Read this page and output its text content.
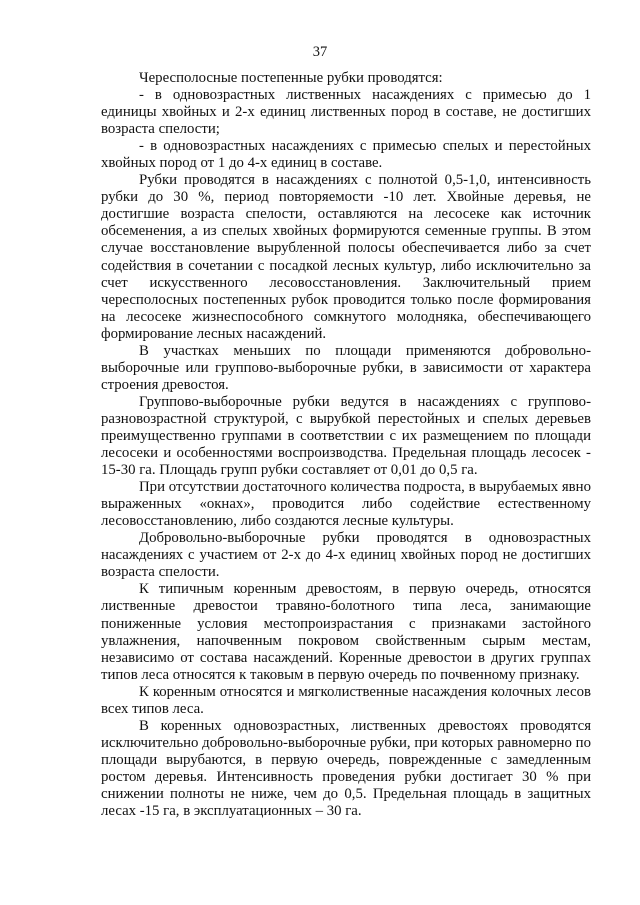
37

Чересполосные постепенные рубки проводятся:

- в одновозрастных лиственных насаждениях с примесью до 1 единицы хвойных и 2-х единиц лиственных пород в составе, не достигших возраста спелости;

- в одновозрастных насаждениях с примесью спелых и перестойных хвойных пород от 1 до 4-х единиц в составе.

Рубки проводятся в насаждениях с полнотой 0,5-1,0, интенсивность рубки до 30 %, период повторяемости -10 лет. Хвойные деревья, не достигшие возраста спелости, оставляются на лесосеке как источник обсеменения, а из спелых хвойных формируются семенные группы. В этом случае восстановление вырубленной полосы обеспечивается либо за счет содействия в сочетании с посадкой лесных культур, либо исключительно за счет искусственного лесовосстановления. Заключительный прием чересполосных постепенных рубок проводится только после формирования на лесосеке жизнеспособного сомкнутого молодняка, обеспечивающего формирование лесных насаждений.

В участках меньших по площади применяются добровольно-выборочные или группово-выборочные рубки, в зависимости от характера строения древостоя.

Группово-выборочные рубки ведутся в насаждениях с группово-разновозрастной структурой, с вырубкой перестойных и спелых деревьев преимущественно группами в соответствии с их размещением по площади лесосеки и особенностями воспроизводства. Предельная площадь лесосек - 15-30 га. Площадь групп рубки составляет от 0,01 до 0,5 га.

При отсутствии достаточного количества подроста, в вырубаемых явно выраженных «окнах», проводится либо содействие естественному лесовосстановлению, либо создаются лесные культуры.

Добровольно-выборочные рубки проводятся в одновозрастных насаждениях с участием от 2-х до 4-х единиц хвойных пород не достигших возраста спелости.

К типичным коренным древостоям, в первую очередь, относятся лиственные древостои травяно-болотного типа леса, занимающие пониженные условия местопроизрастания с признаками застойного увлажнения, напочвенным покровом свойственным сырым местам, независимо от состава насаждений. Коренные древостои в других группах типов леса относятся к таковым в первую очередь по почвенному признаку.

К коренным относятся и мягколиственные насаждения колочных лесов всех типов леса.

В коренных одновозрастных, лиственных древостоях проводятся исключительно добровольно-выборочные рубки, при которых равномерно по площади вырубаются, в первую очередь, поврежденные с замедленным ростом деревья. Интенсивность проведения рубки достигает 30 % при снижении полноты не ниже, чем до 0,5. Предельная площадь в защитных лесах -15 га, в эксплуатационных – 30 га.
